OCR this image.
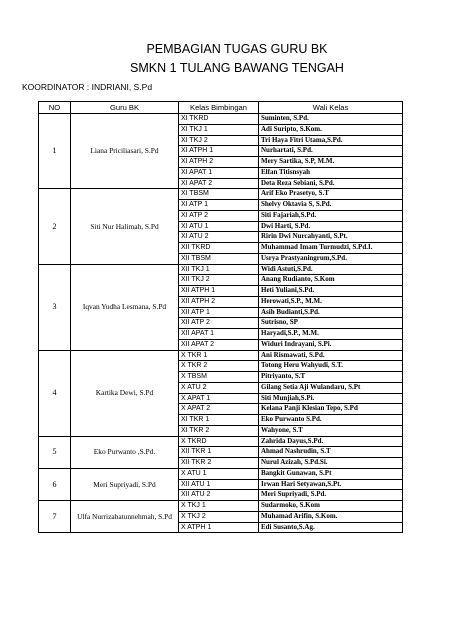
PEMBAGIAN TUGAS GURU BK
SMKN 1 TULANG BAWANG TENGAH
KOORDINATOR : INDRIANI, S.Pd
NO	Guru BK	Kelas Bimbingan	Wali Kelas
1	Liana Priciliasari, S.Pd	XI TKRD	Suminten, S.Pd.
		XI TKJ 1	Adi Suripto, S.Kom.
		XI TKJ 2	Tri Haya Fitri Utama,S.Pd.
		XI ATPH 1	Nurhartati, S.Pd.
		XI ATPH 2	Mery Sartika, S.P, M.M.
		XI APAT 1	Elfan Titisnsyah
		XI APAT 2	Deta Reza Sebiani, S.Pd.
2	Siti Nur Halimah, S.Pd	XI TBSM	Arif Eko Prasetyo, S.T
		XI ATP 1	Shelvy Oktavia S, S.Pd.
		XI ATP 2	Siti Fajariah,S.Pd.
		XI ATU 1	Dwi Harti, S.Pd.
		XI ATU 2	Ririn Dwi Nurcahyanti, S.Pt.
		XII TKRD	Muhammad Imam Turmudzi, S.Pd.I.
		XII TBSM	Usrya Prastyaningrum,S.Pd.
3	Iqvan Yudha Lesmana, S.Pd	XII TKJ 1	Widi Astuti,S.Pd.
		XII TKJ 2	Anang Rudianto, S.Kom
		XII ATPH 1	Heti Yuliani,S.Pd.
		XII ATPH 2	Herowati,S.P., M.M.
		XII ATP 1	Asih Budianti,S.Pd.
		XII ATP 2	Sutrisno, SP
		XII APAT 1	Haryadi,S.P., M.M.
		XII APAT 2	Widuri Indrayani, S.Pi.
4	Kartika Dewi, S.Pd	X TKR 1	Ani Rismawati, S.Pd.
		X TKR 2	Totong Heru Wahyudi, S.T.
		X TBSM	Pitriyanto, S.T
		X ATU 2	Gilang Setia Aji Wulandaru, S.Pt
		X APAT 1	Siti Munjiah,S.Pi.
		X APAT 2	Kelana Panji Klesian Tepo, S.Pd
		XI TKR 1	Eko Purwanto S.Pd.
		XI TKR 2	Wahyone, S.T
5	Eko Purwanto ,S.Pd.	X TKRD	Zahrida Dayus,S.Pd.
		XII TKR 1	Ahmad Nashrudin, S.T
		XII TKR 2	Nurul Azizah, S.Pd.Si.
6	Meri Supriyadi, S.Pd	X ATU 1	Bangkit Gunawan, S.Pt
		XII ATU 1	Irwan Hari Setyawan,S.Pt.
		XII ATU 2	Meri Supriyadi, S.Pd.
7	Ulfa Nurrizabatunnehmah, S.Pd	X TKJ 1	Sudarmoko, S.Kom
		X TKJ 2	Muhamad Arifin, S.Kom.
		X ATPH 1	Edi Susanto,S.Ag.
